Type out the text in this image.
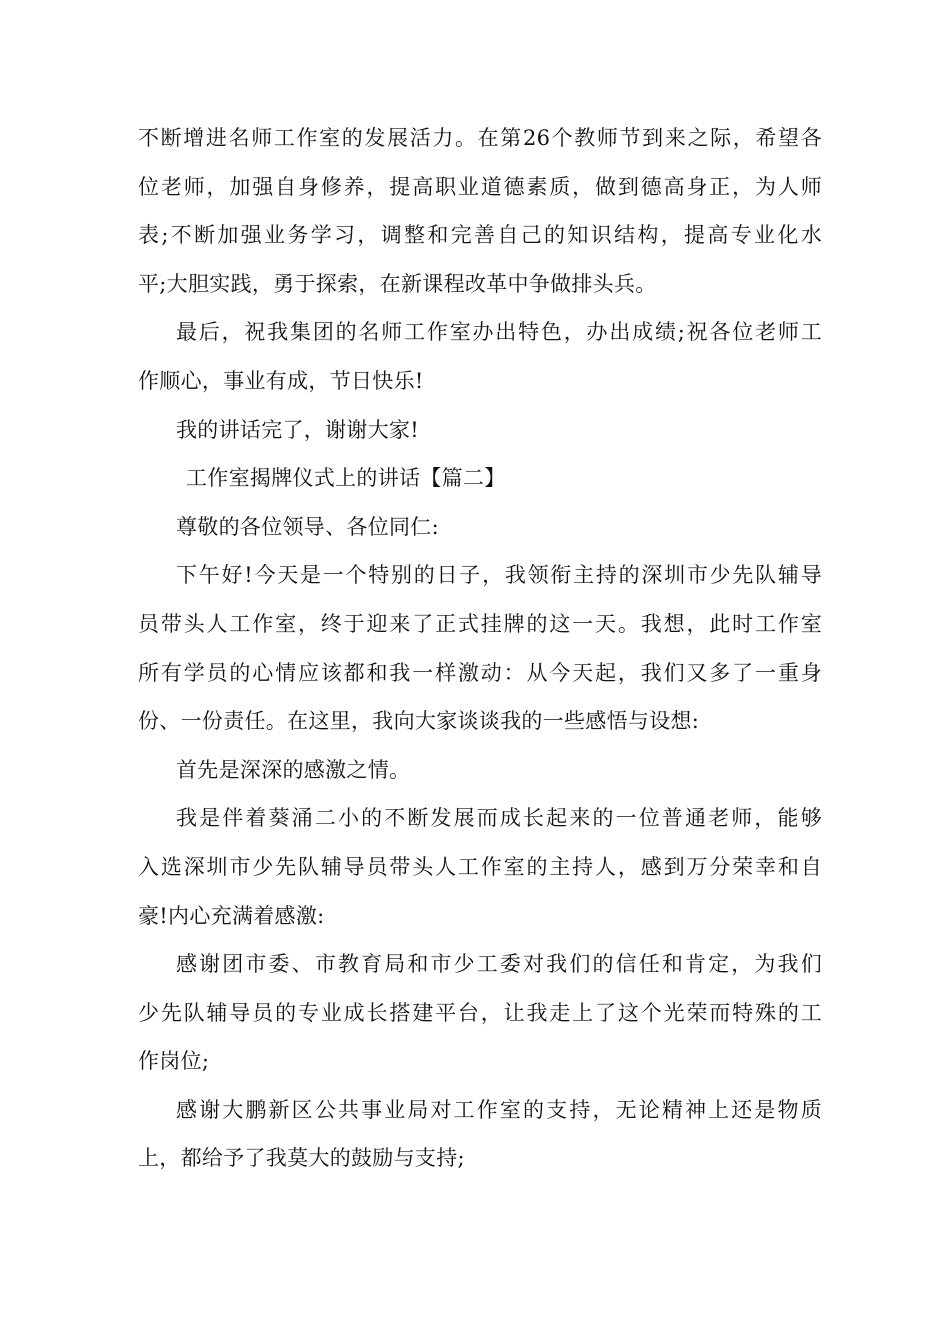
不断增进名师工作室的发展活力。在第26个教师节到来之际，希望各
位老师，加强自身修养，提高职业道德素质，做到德高身正，为人师
表;不断加强业务学习，调整和完善自己的知识结构，提高专业化水
平;大胆实践，勇于探索，在新课程改革中争做排头兵。
最后，祝我集团的名师工作室办出特色，办出成绩;祝各位老师工
作顺心，事业有成，节日快乐!
我的讲话完了，谢谢大家!
工作室揭牌仪式上的讲话【篇二】
尊敬的各位领导、各位同仁:
下午好!今天是一个特别的日子，我领衔主持的深圳市少先队辅导
员带头人工作室，终于迎来了正式挂牌的这一天。我想，此时工作室
所有学员的心情应该都和我一样激动：从今天起，我们又多了一重身
份、一份责任。在这里，我向大家谈谈我的一些感悟与设想:
首先是深深的感激之情。
我是伴着葵涌二小的不断发展而成长起来的一位普通老师，能够
入选深圳市少先队辅导员带头人工作室的主持人，感到万分荣幸和自
豪!内心充满着感激:
感谢团市委、市教育局和市少工委对我们的信任和肯定，为我们
少先队辅导员的专业成长搭建平台，让我走上了这个光荣而特殊的工
作岗位;
感谢大鹏新区公共事业局对工作室的支持，无论精神上还是物质
上，都给予了我莫大的鼓励与支持;
